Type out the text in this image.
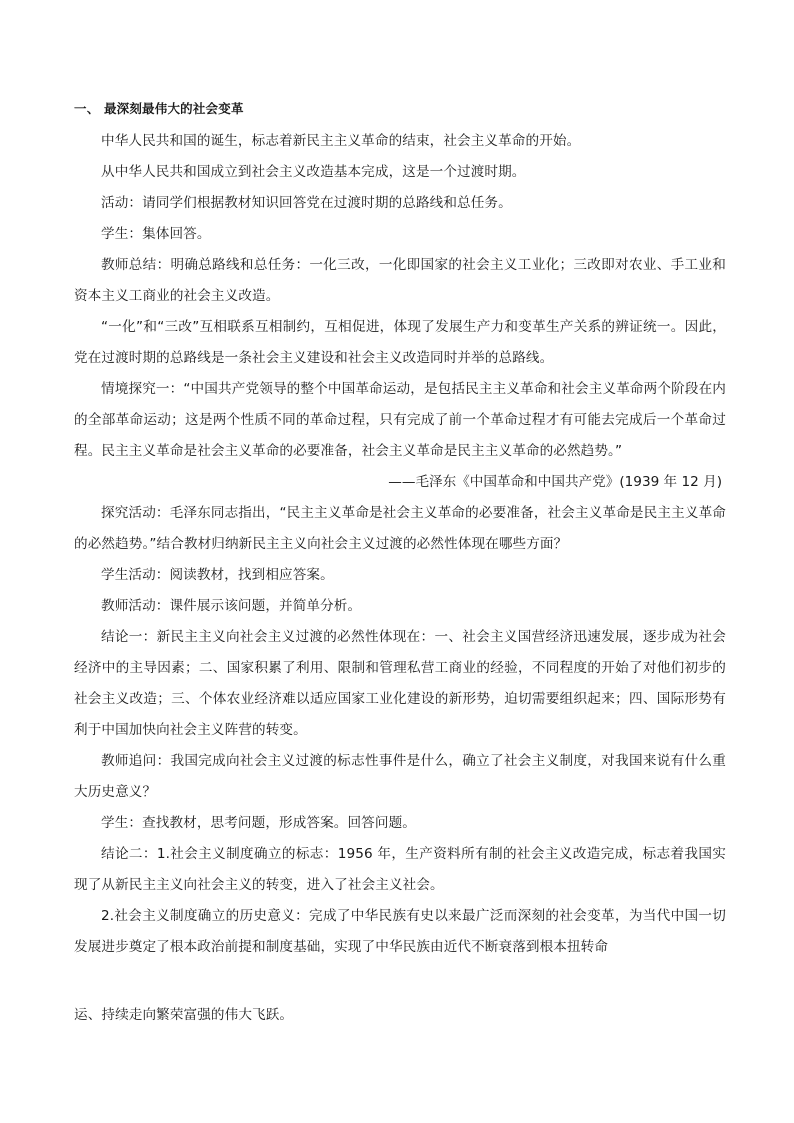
一、 最深刻最伟大的社会变革

中华人民共和国的诞生，标志着新民主主义革命的结束，社会主义革命的开始。

从中华人民共和国成立到社会主义改造基本完成，这是一个过渡时期。

活动：请同学们根据教材知识回答党在过渡时期的总路线和总任务。

学生：集体回答。

教师总结：明确总路线和总任务：一化三改，一化即国家的社会主义工业化；三改即对农业、手工业和资本主义工商业的社会主义改造。

“一化”和“三改”互相联系互相制约，互相促进，体现了发展生产力和变革生产关系的辨证统一。因此，党在过渡时期的总路线是一条社会主义建设和社会主义改造同时并举的总路线。

情境探究一：“中国共产党领导的整个中国革命运动，是包括民主主义革命和社会主义革命两个阶段在内的全部革命运动；这是两个性质不同的革命过程，只有完成了前一个革命过程才有可能去完成后一个革命过程。民主主义革命是社会主义革命的必要准备，社会主义革命是民主主义革命的必然趋势。”

——毛泽东《中国革命和中国共产党》(1939 年 12 月)

探究活动：毛泽东同志指出，“民主主义革命是社会主义革命的必要准备，社会主义革命是民主主义革命的必然趋势。”结合教材归纳新民主主义向社会主义过渡的必然性体现在哪些方面？

学生活动：阅读教材，找到相应答案。

教师活动：课件展示该问题，并简单分析。

结论一：新民主主义向社会主义过渡的必然性体现在：一、社会主义国营经济迅速发展，逐步成为社会经济中的主导因素；二、国家积累了利用、限制和管理私营工商业的经验，不同程度的开始了对他们初步的社会主义改造；三、个体农业经济难以适应国家工业化建设的新形势，迫切需要组织起来；四、国际形势有利于中国加快向社会主义阵营的转变。

教师追问：我国完成向社会主义过渡的标志性事件是什么，确立了社会主义制度，对我国来说有什么重大历史意义？

学生：查找教材，思考问题，形成答案。回答问题。

结论二：1.社会主义制度确立的标志：1956 年，生产资料所有制的社会主义改造完成，标志着我国实现了从新民主主义向社会主义的转变，进入了社会主义社会。

2.社会主义制度确立的历史意义：完成了中华民族有史以来最广泛而深刻的社会变革，为当代中国一切发展进步奠定了根本政治前提和制度基础，实现了中华民族由近代不断衰落到根本扭转命

运、持续走向繁荣富强的伟大飞跃。
